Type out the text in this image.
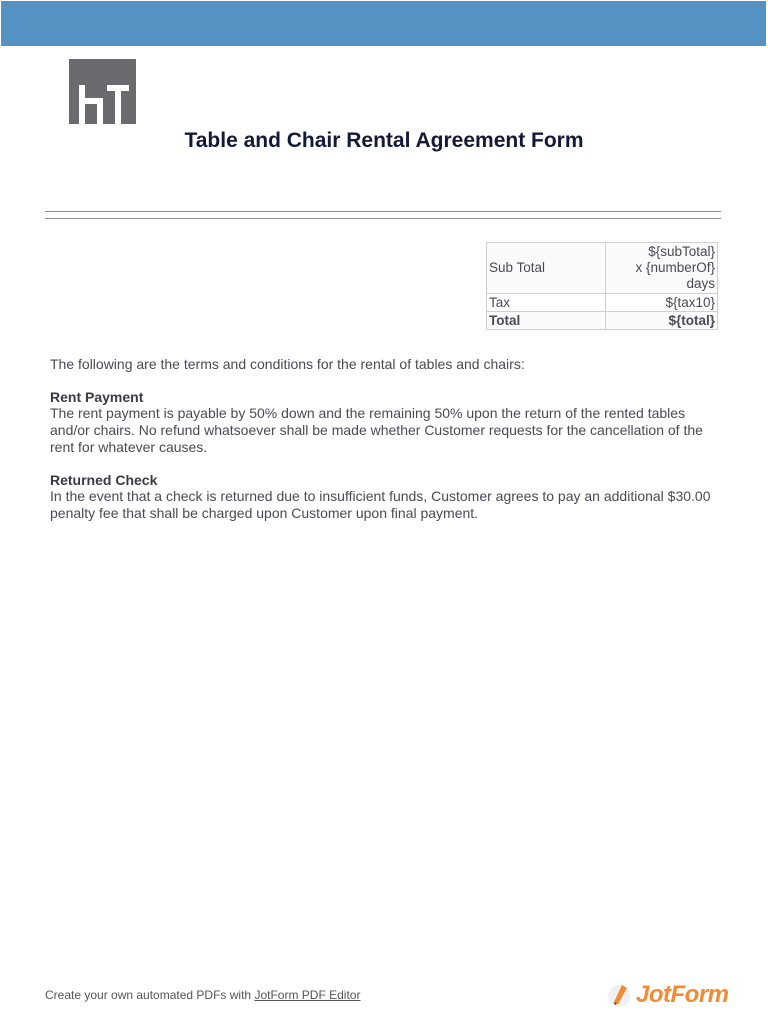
Table and Chair Rental Agreement Form
Sub Total	${subTotal}
x {numberOf}
days

Tax	${tax10}
Total	${total}

The following are the terms and conditions for the rental of tables and chairs:

Rent Payment

The rent payment is payable by 50% down and the remaining 50% upon the return of the rented tables and/or chairs. No refund whatsoever shall be made whether Customer requests for the cancellation of the rent for whatever causes.

Returned Check

In the event that a check is returned due to insufficient funds, Customer agrees to pay an additional $30.00 penalty fee that shall be charged upon Customer upon final payment.

Create your own automated PDFs with JotForm PDF Editor	JotForm
